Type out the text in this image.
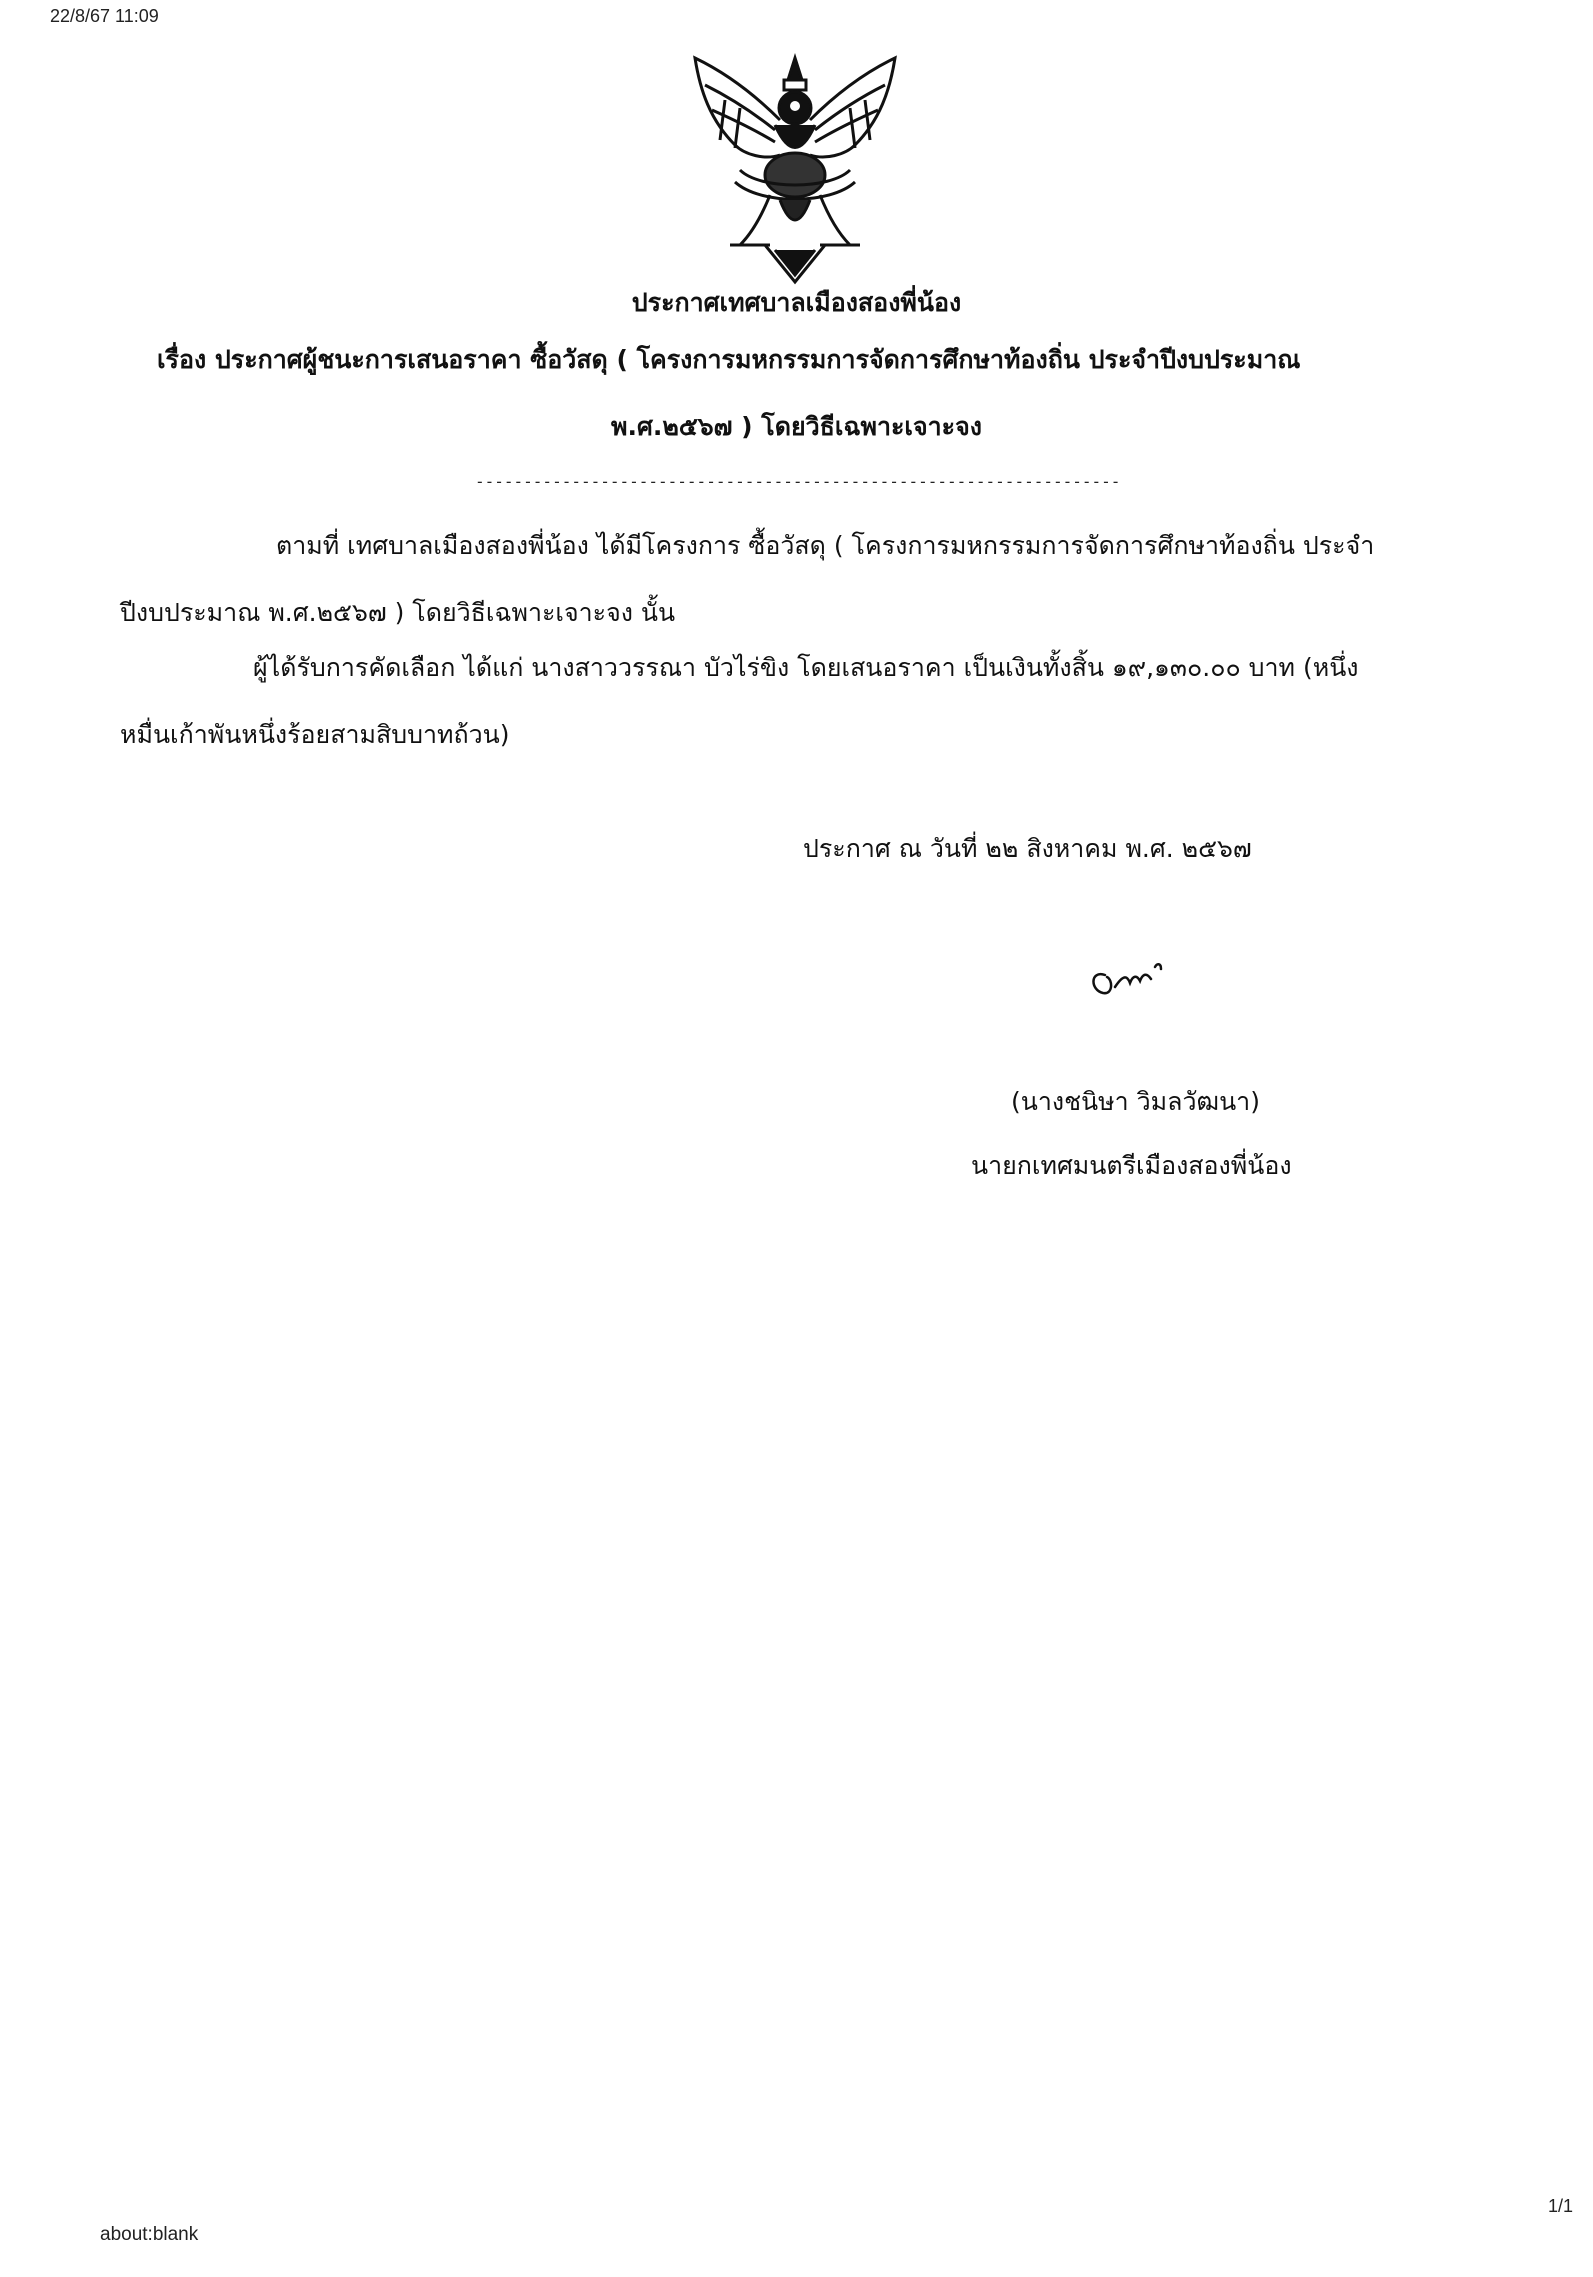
22/8/67 11:09
ประกาศเทศบาลเมืองสองพี่น้อง
เรื่อง ประกาศผู้ชนะการเสนอราคา ซื้อวัสดุ ( โครงการมหกรรมการจัดการศึกษาท้องถิ่น ประจำปีงบประมาณ
พ.ศ.๒๕๖๗ ) โดยวิธีเฉพาะเจาะจง
-------------------------------------------------------------------
ตามที่ เทศบาลเมืองสองพี่น้อง ได้มีโครงการ ซื้อวัสดุ ( โครงการมหกรรมการจัดการศึกษาท้องถิ่น ประจำ
ปีงบประมาณ พ.ศ.๒๕๖๗ ) โดยวิธีเฉพาะเจาะจง นั้น
ผู้ได้รับการคัดเลือก ได้แก่ นางสาววรรณา บัวไร่ขิง โดยเสนอราคา เป็นเงินทั้งสิ้น ๑๙,๑๓๐.๐๐ บาท (หนึ่ง
หมื่นเก้าพันหนึ่งร้อยสามสิบบาทถ้วน)
ประกาศ ณ วันที่ ๒๒ สิงหาคม พ.ศ. ๒๕๖๗
(นางชนิษา วิมลวัฒนา)
นายกเทศมนตรีเมืองสองพี่น้อง
1/1
about:blank
